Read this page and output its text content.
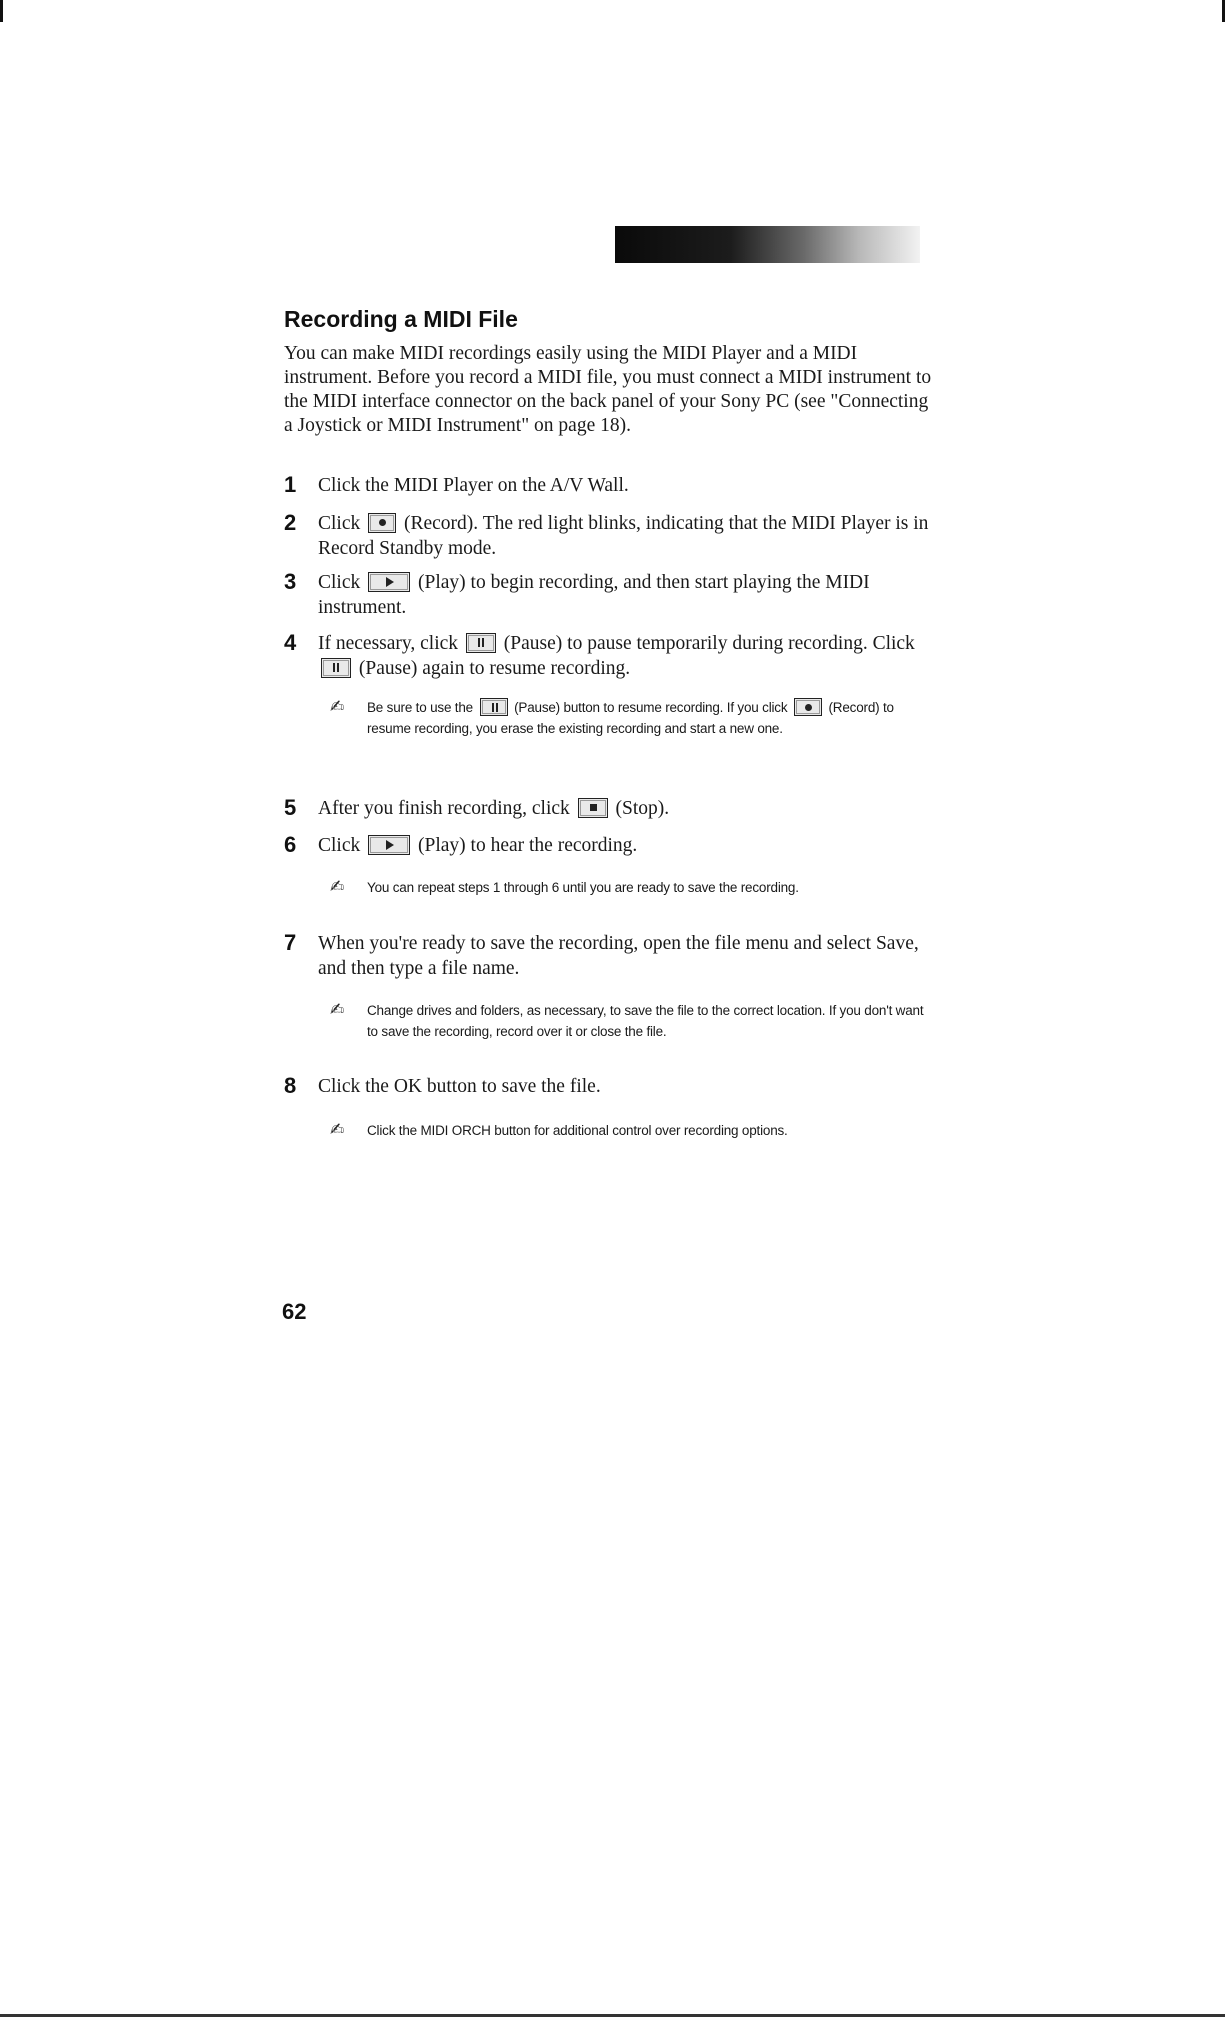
Recording a MIDI File
You can make MIDI recordings easily using the MIDI Player and a MIDI instrument. Before you record a MIDI file, you must connect a MIDI instrument to the MIDI interface connector on the back panel of your Sony PC (see "Connecting a Joystick or MIDI Instrument" on page 18).
1 Click the MIDI Player on the A/V Wall.
2 Click (Record). The red light blinks, indicating that the MIDI Player is in Record Standby mode.
3 Click	(Play) to begin recording, and then start playing the MIDI instrument.
4 If necessary, click (Pause) to pause temporarily during recording. Click
(Pause) again to resume recording.
✍ Be sure to use the	(Pause) button to resume recording. If you click	(Record) to resume recording, you erase the existing recording and start a new one.
5 After you finish recording, click (Stop).
6 Click	(Play) to hear the recording.
✍ You can repeat steps 1 through 6 until you are ready to save the recording.
7 When you're ready to save the recording, open the file menu and select Save, and then type a file name.
✍ Change drives and folders, as necessary, to save the file to the correct location. If you don't want to save the recording, record over it or close the file.
8 Click the OK button to save the file.
✍ Click the MIDI ORCH button for additional control over recording options.
62
